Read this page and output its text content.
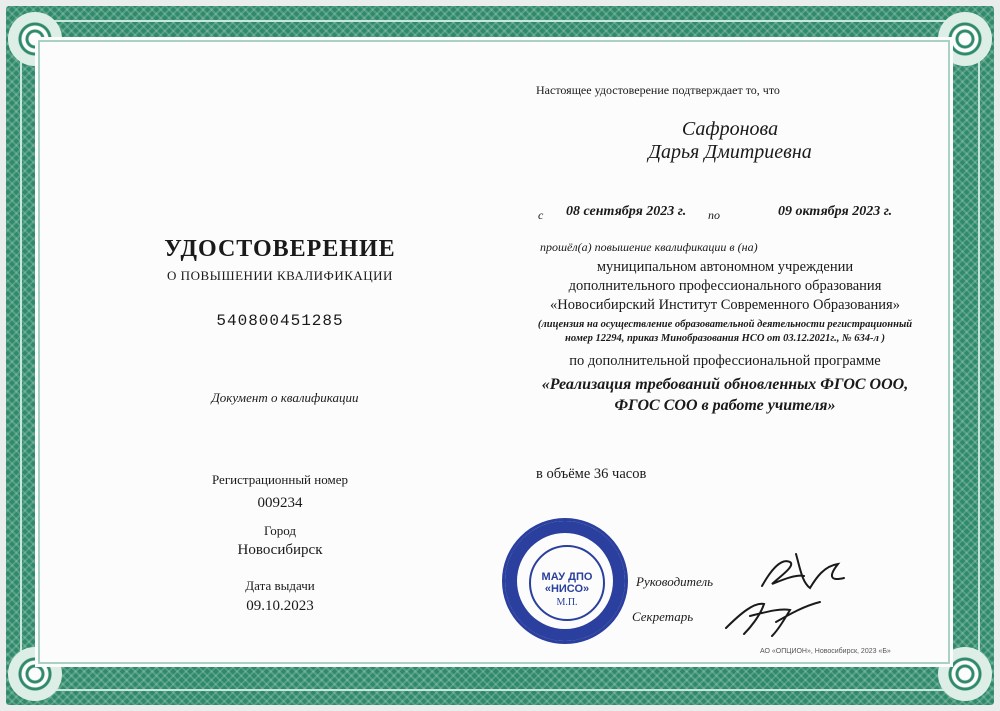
УДОСТОВЕРЕНИЕ
О ПОВЫШЕНИИ КВАЛИФИКАЦИИ
540800451285
Документ о квалификации
Регистрационный номер
009234
Город
Новосибирск
Дата выдачи
09.10.2023
Настоящее удостоверение подтверждает то, что
Сафронова
Дарья Дмитриевна
с 08 сентября 2023 г. по	09 октября 2023 г.
прошёл(а) повышение квалификации в (на)
муниципальном автономном учреждении
дополнительного профессионального образования
«Новосибирский Институт Современного Образования»
(лицензия на осуществление образовательной деятельности регистрационный
номер 12294, приказ Минобразования НСО от 03.12.2021г., № 634-л )
по дополнительной профессиональной программе
«Реализация требований обновленных ФГОС ООО,
ФГОС СОО в работе учителя»
в объёме 36 часов
МАУ ДПО «НИСО»
М.П.
Руководитель
Секретарь
АО «ОПЦИОН», Новосибирск, 2023 «Б»
